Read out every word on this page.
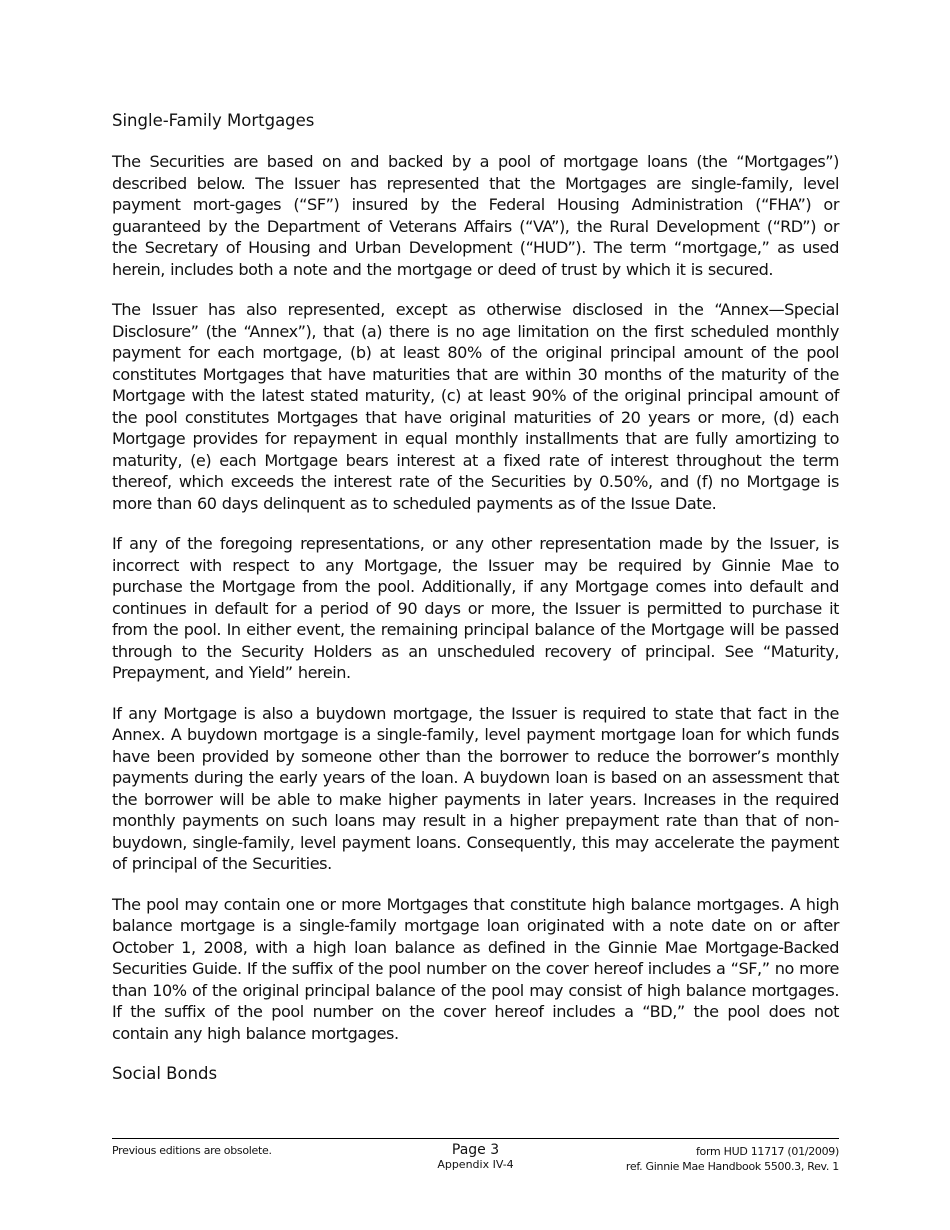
Single-Family Mortgages

The Securities are based on and backed by a pool of mortgage loans (the “Mortgages”) described below. The Issuer has represented that the Mortgages are single-family, level payment mort-gages (“SF”) insured by the Federal Housing Administration (“FHA”) or guaranteed by the Department of Veterans Affairs (“VA”), the Rural Development (“RD”) or the Secretary of Housing and Urban Development (“HUD”). The term “mortgage,” as used herein, includes both a note and the mortgage or deed of trust by which it is secured.

The Issuer has also represented, except as otherwise disclosed in the “Annex—Special Disclosure” (the “Annex”), that (a) there is no age limitation on the first scheduled monthly payment for each mortgage, (b) at least 80% of the original principal amount of the pool constitutes Mortgages that have maturities that are within 30 months of the maturity of the Mortgage with the latest stated maturity, (c) at least 90% of the original principal amount of the pool constitutes Mortgages that have original maturities of 20 years or more, (d) each Mortgage provides for repayment in equal monthly installments that are fully amortizing to maturity, (e) each Mortgage bears interest at a fixed rate of interest throughout the term thereof, which exceeds the interest rate of the Securities by 0.50%, and (f) no Mortgage is more than 60 days delinquent as to scheduled payments as of the Issue Date.

If any of the foregoing representations, or any other representation made by the Issuer, is incorrect with respect to any Mortgage, the Issuer may be required by Ginnie Mae to purchase the Mortgage from the pool. Additionally, if any Mortgage comes into default and continues in default for a period of 90 days or more, the Issuer is permitted to purchase it from the pool. In either event, the remaining principal balance of the Mortgage will be passed through to the Security Holders as an unscheduled recovery of principal. See “Maturity, Prepayment, and Yield” herein.

If any Mortgage is also a buydown mortgage, the Issuer is required to state that fact in the Annex. A buydown mortgage is a single-family, level payment mortgage loan for which funds have been provided by someone other than the borrower to reduce the borrower’s monthly payments during the early years of the loan. A buydown loan is based on an assessment that the borrower will be able to make higher payments in later years. Increases in the required monthly payments on such loans may result in a higher prepayment rate than that of non-buydown, single-family, level payment loans. Consequently, this may accelerate the payment of principal of the Securities.

The pool may contain one or more Mortgages that constitute high balance mortgages. A high balance mortgage is a single-family mortgage loan originated with a note date on or after October 1, 2008, with a high loan balance as defined in the Ginnie Mae Mortgage-Backed Securities Guide. If the suffix of the pool number on the cover hereof includes a “SF,” no more than 10% of the original principal balance of the pool may consist of high balance mortgages. If the suffix of the pool number on the cover hereof includes a “BD,” the pool does not contain any high balance mortgages.

Social Bonds

Previous editions are obsolete.	Page 3
Appendix IV-4
form HUD 11717 (01/2009)
ref. Ginnie Mae Handbook 5500.3, Rev. 1
